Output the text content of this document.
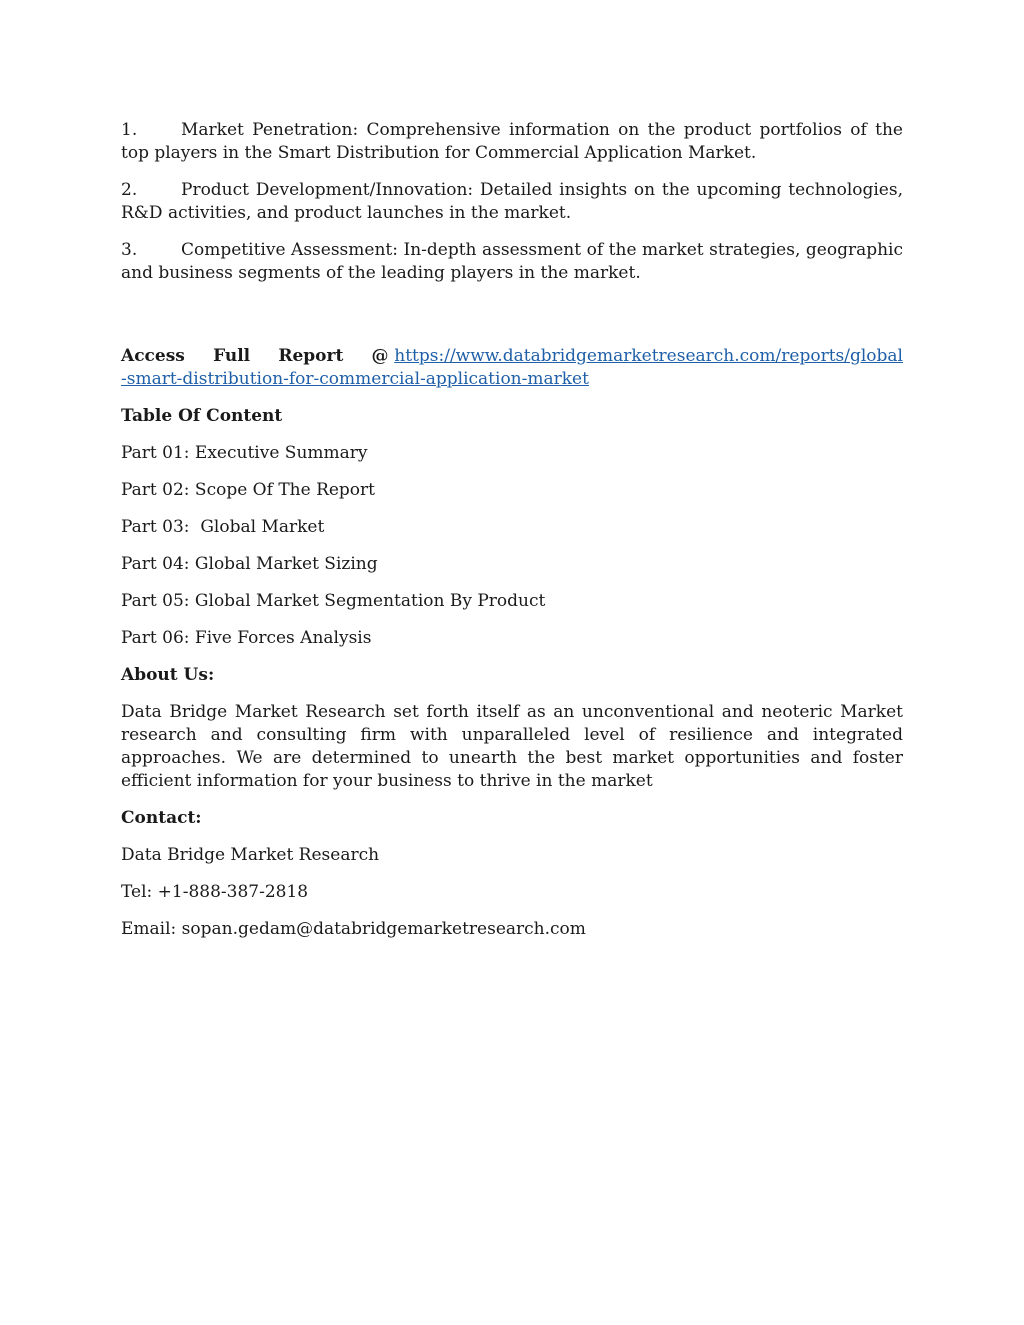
1.	Market Penetration: Comprehensive information on the product portfolios of the top players in the Smart Distribution for Commercial Application Market.
2.	Product Development/Innovation: Detailed insights on the upcoming technologies, R&D activities, and product launches in the market.
3.	Competitive Assessment: In-depth assessment of the market strategies, geographic and business segments of the leading players in the market.
Access Full Report @ https://www.databridgemarketresearch.com/reports/global-smart-distribution-for-commercial-application-market
Table Of Content
Part 01: Executive Summary
Part 02: Scope Of The Report
Part 03:  Global Market
Part 04: Global Market Sizing
Part 05: Global Market Segmentation By Product
Part 06: Five Forces Analysis
About Us:
Data Bridge Market Research set forth itself as an unconventional and neoteric Market research and consulting firm with unparalleled level of resilience and integrated approaches. We are determined to unearth the best market opportunities and foster efficient information for your business to thrive in the market
Contact:
Data Bridge Market Research
Tel: +1-888-387-2818
Email: sopan.gedam@databridgemarketresearch.com
